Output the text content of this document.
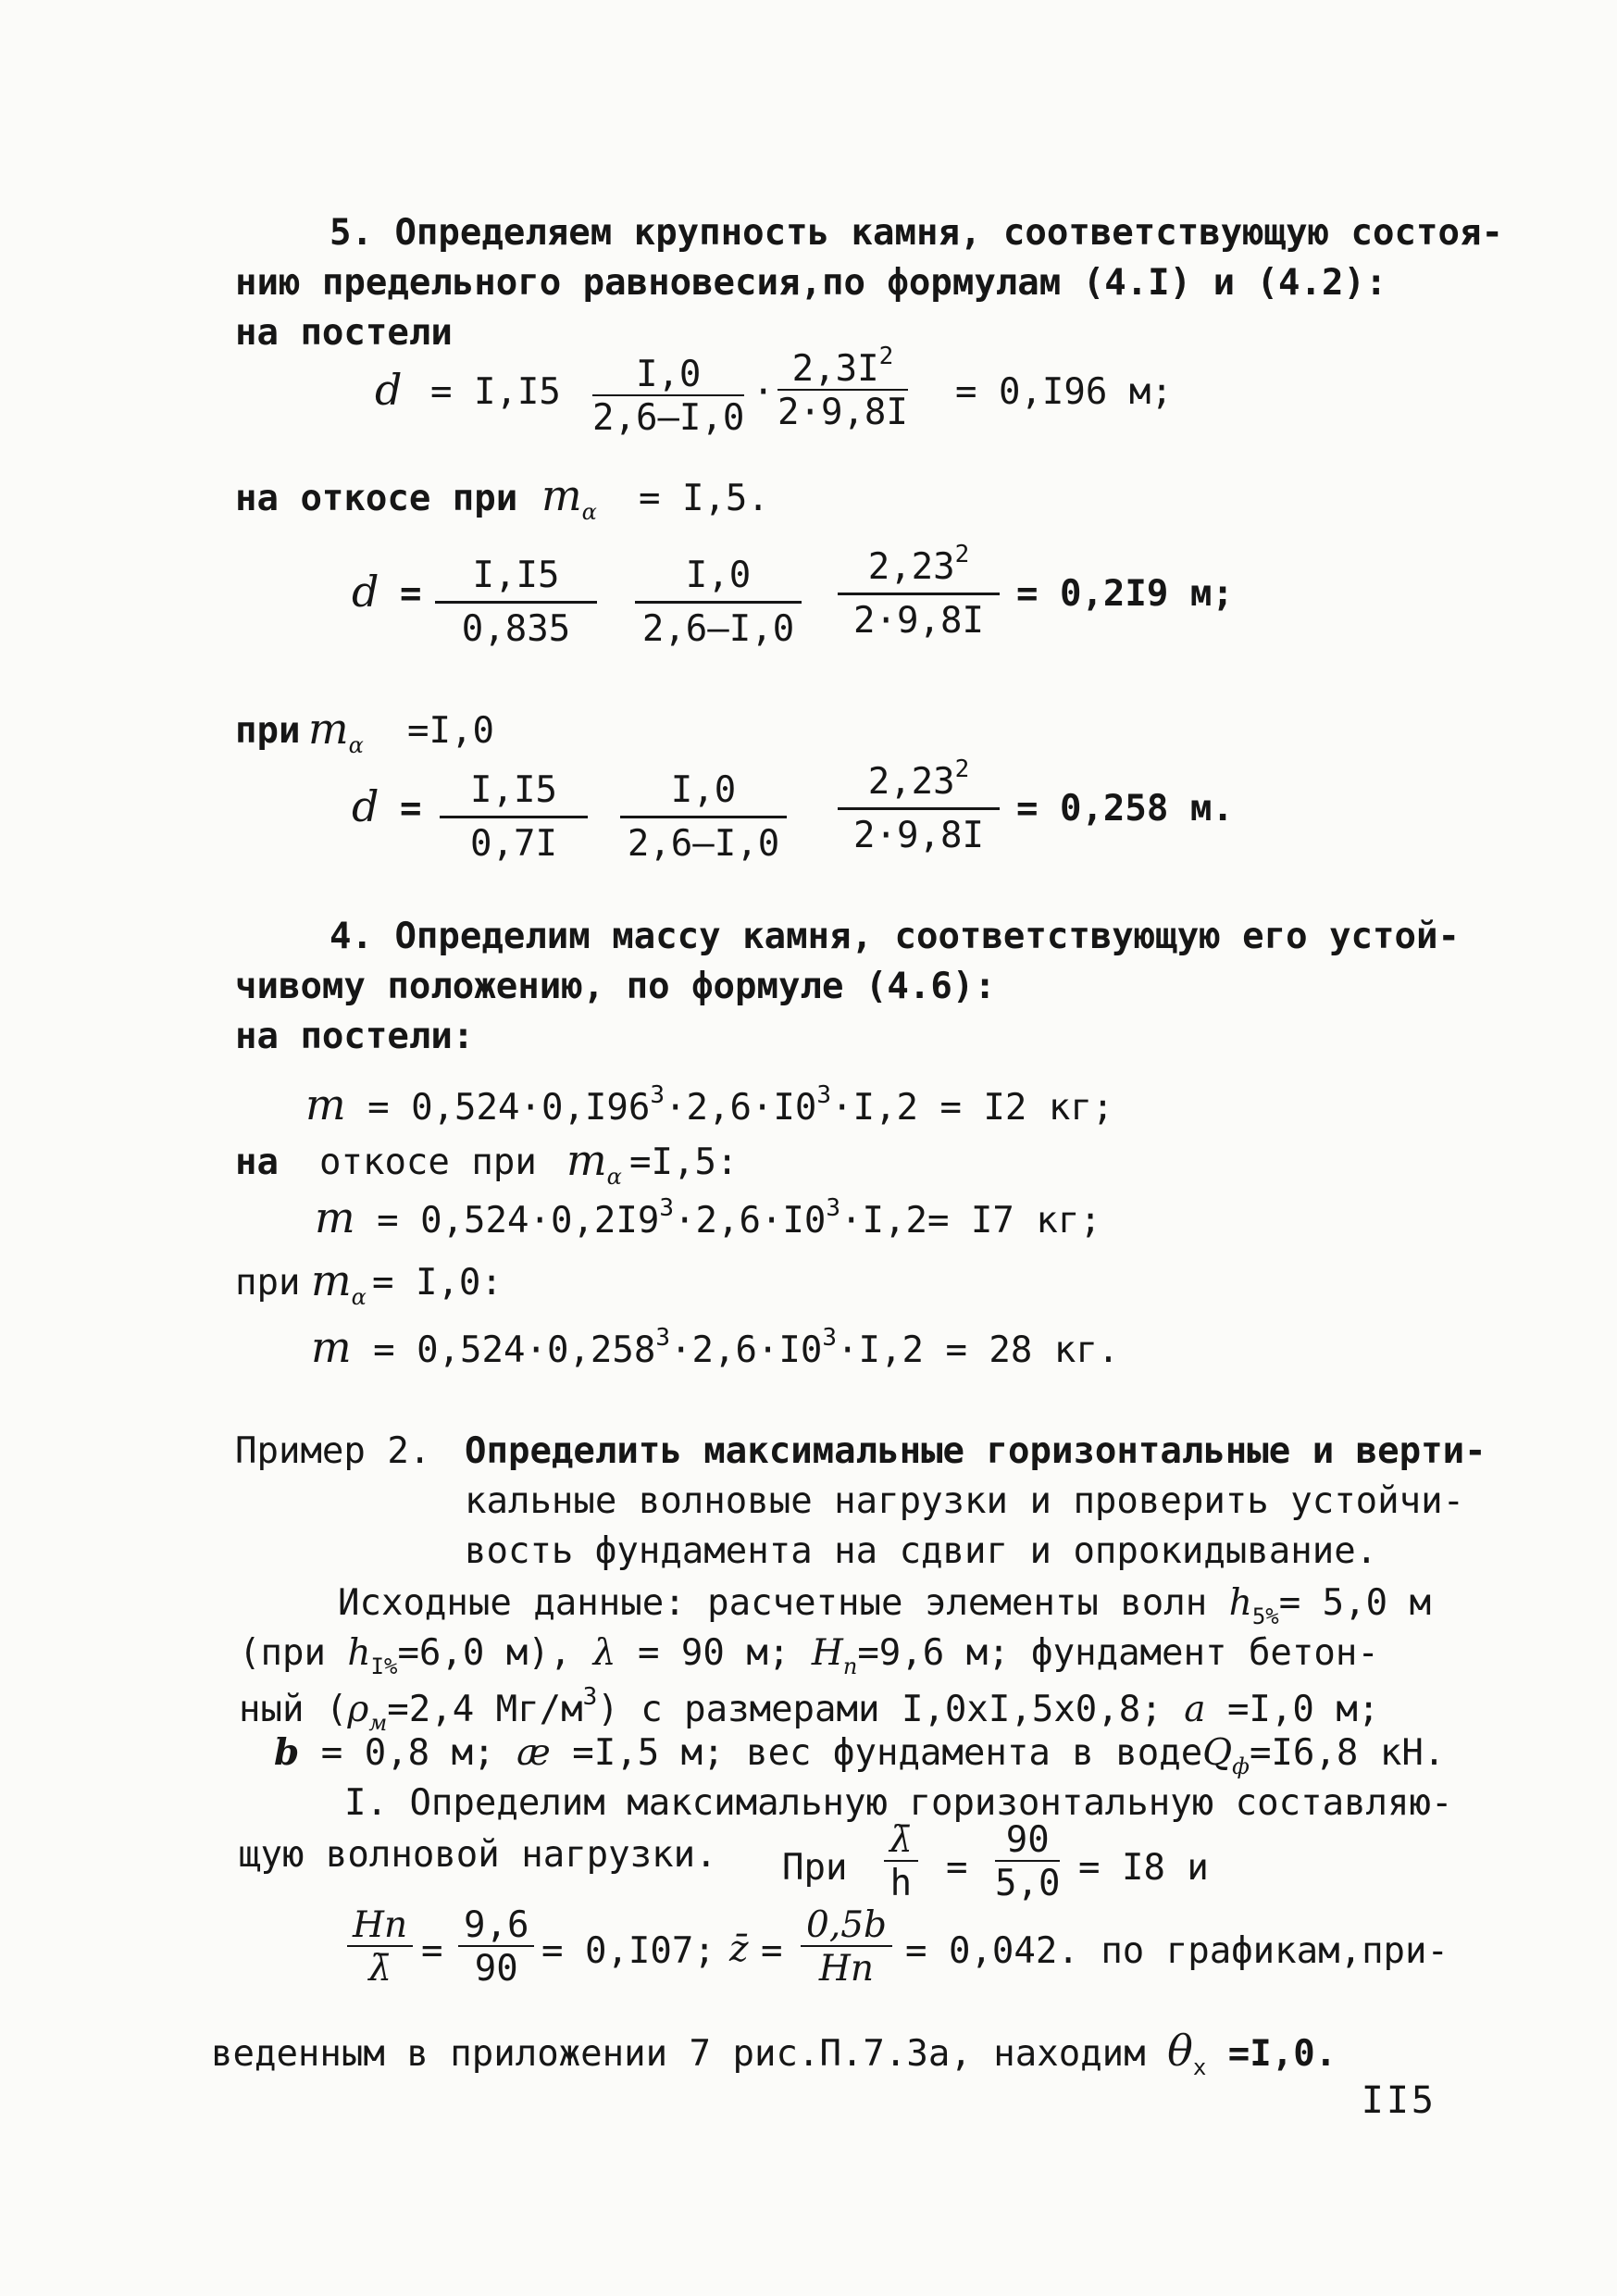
5. Определяем крупность камня, соответствующую состоя-
нию предельного равновесия,по формулам (4.I) и (4.2):
на постели
$d = I,I5 \frac{I,0}{2,6-I,0} \cdot \frac{2,3I^2}{2\cdot 9,8I} = 0,I96$ м;
на откосе при $m_\alpha = I,5$.
$d = \frac{I,I5}{0,835} \frac{I,0}{2,6-I,0} \frac{2,23^2}{2\cdot 9,8I} = 0,2I9$ м;
при $m_\alpha =I,0$
$d = \frac{I,I5}{0,7I} \frac{I,0}{2,6-I,0} \frac{2,23^2}{2\cdot 9,8I} = 0,258$ м.
4. Определим массу камня, соответствующую его устой-
чивому положению, по формуле (4.6):
на постели:
$m = 0,524\cdot 0,I96^3\cdot 2,6\cdot I0^3\cdot I,2 = I2$ кг;
на откосе при $m_\alpha =I,5$:
$m = 0,524\cdot 0,2I9^3\cdot 2,6\cdot I0^3\cdot I,2= I7$ кг;
при $m_\alpha = I,0$:
$m = 0,524\cdot 0,258^3\cdot 2,6\cdot I0^3\cdot I,2 = 28$ кг.
Пример 2. Определить максимальные горизонтальные и верти-
кальные волновые нагрузки и проверить устойчи-
вость фундамента на сдвиг и опрокидывание.
Исходные данные: расчетные элементы волн $h_{5\%}= 5,0$ м
(при $h_{I\%}=6,0$ м), λ = 90 м; $H_п=9,6$ м; фундамент бетон-
ный ($\rho_м=2,4$ $Мг/м^3$) с размерами I,0хI,5х0,8; a =I,0 м;
b = 0,8 м; æ =I,5 м; вес фундамента в водеQ$_ф$=I6,8 кН.
I. Определим максимальную горизонтальную составляю-
щую волновой нагрузки. При $\frac{\lambdā}{h} = \frac{90}{5,0} = I8$ и
Hп
λ̄ = $\frac{9,6}{90} = 0,I07$; z̄ =
0,5b
Hп = 0,042. по графикам,при-
веденным в приложении 7 рис.П.7.3а, находим $\theta_x =I,0$.
II5
